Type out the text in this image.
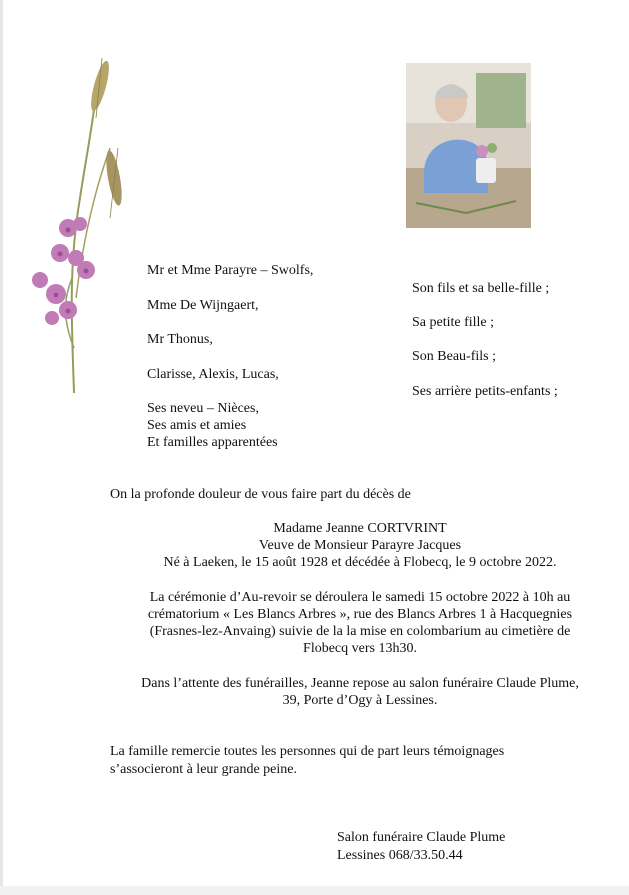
Mr et Mme Parayre – Swolfs,
Mme De Wijngaert,
Mr Thonus,
Clarisse, Alexis, Lucas,
Ses neveu – Nièces,
Ses amis et amies
Et familles apparentées
Son fils et sa belle-fille ;
Sa petite fille ;
Son Beau-fils ;
Ses arrière petits-enfants ;
On la profonde douleur de vous faire part du décès de
Madame Jeanne CORTVRINT
Veuve de Monsieur Parayre Jacques
Né à Laeken, le 15 août 1928 et décédée à Flobecq, le 9 octobre 2022.
La cérémonie d’Au-revoir se déroulera le samedi 15 octobre 2022 à 10h au
crématorium « Les Blancs Arbres », rue des Blancs Arbres 1 à Hacquegnies
(Frasnes-lez-Anvaing) suivie de la la mise en colombarium au cimetière de
Flobecq vers 13h30.
Dans l’attente des funérailles, Jeanne repose au salon funéraire Claude Plume,
39, Porte d’Ogy à Lessines.
La famille remercie toutes les personnes qui de part leurs témoignages
s’associeront à leur grande peine.
Salon funéraire Claude Plume
Lessines 068/33.50.44
